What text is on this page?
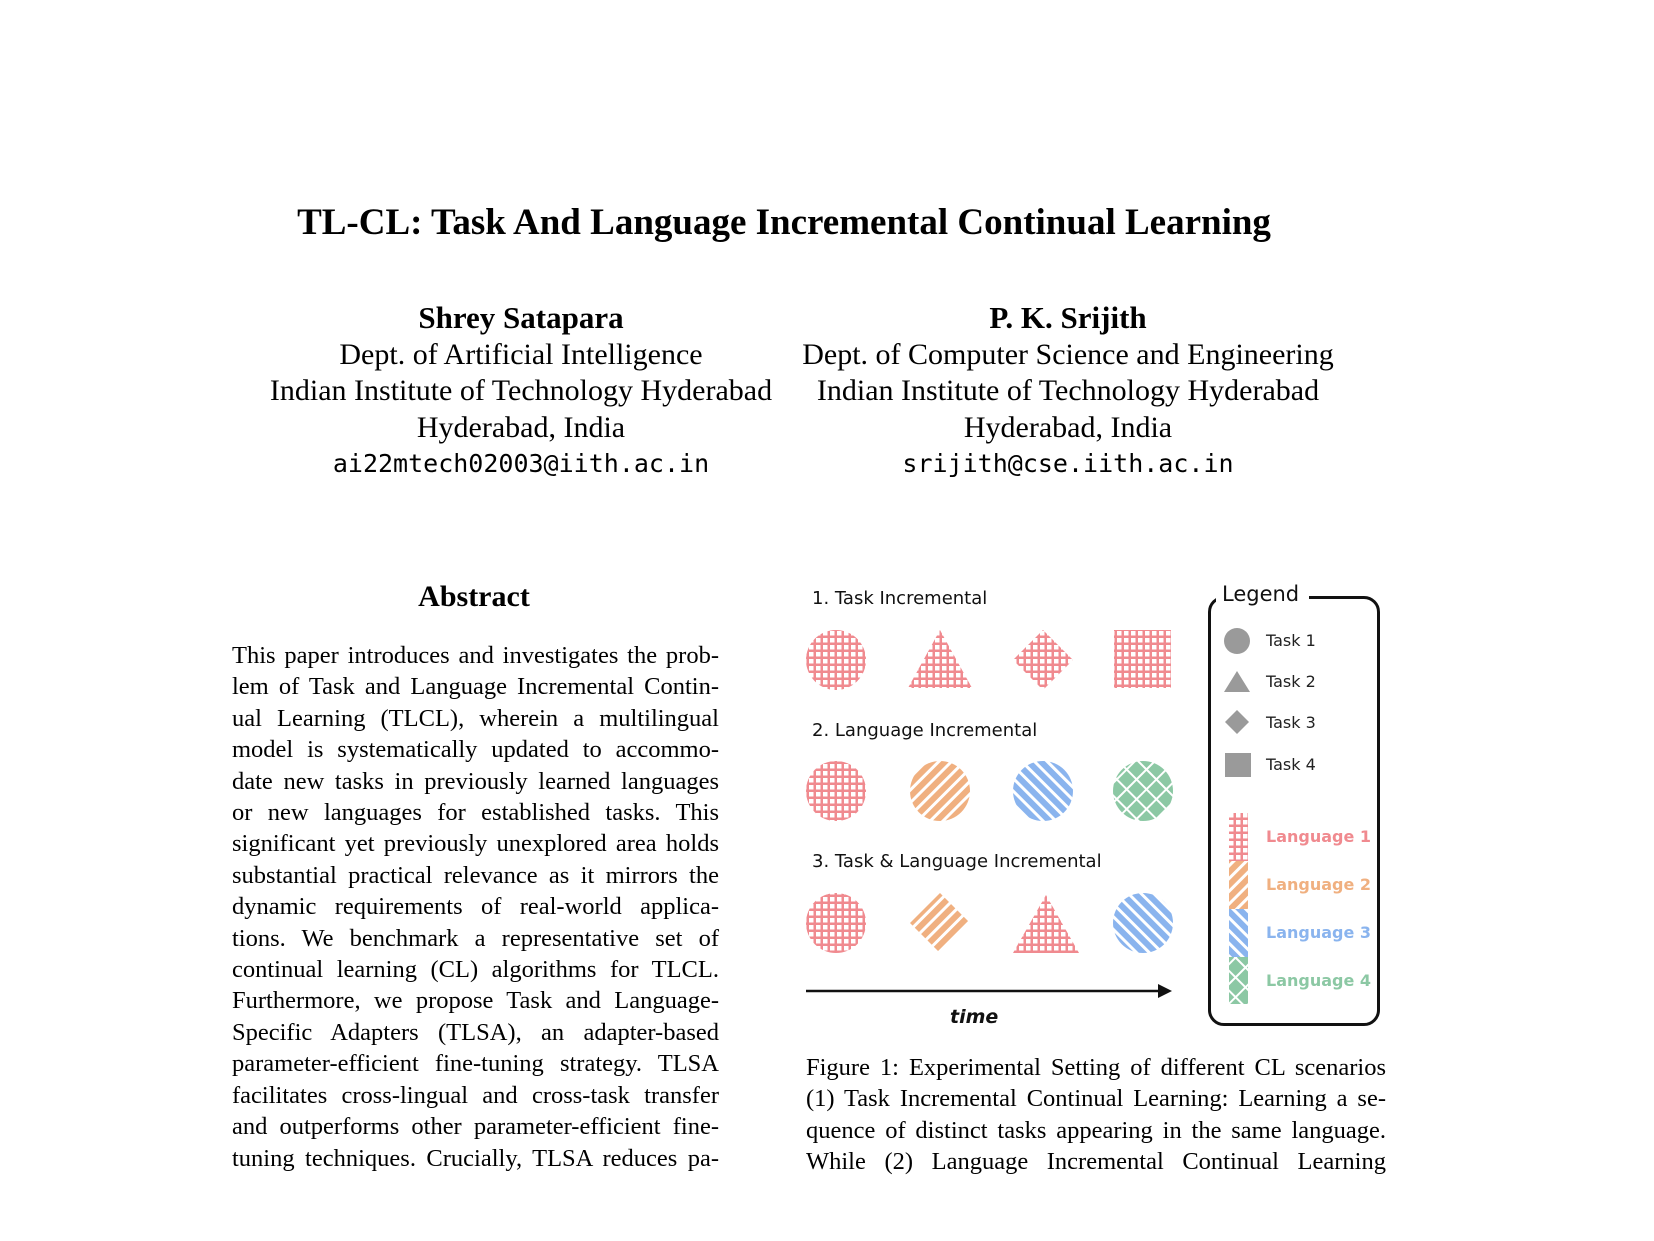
TL-CL: Task And Language Incremental Continual Learning
Shrey Satapara
Dept. of Artificial Intelligence
Indian Institute of Technology Hyderabad
Hyderabad, India
ai22mtech02003@iith.ac.in
P. K. Srijith
Dept. of Computer Science and Engineering
Indian Institute of Technology Hyderabad
Hyderabad, India
srijith@cse.iith.ac.in
Abstract
This paper introduces and investigates the prob-
lem of Task and Language Incremental Contin-
ual Learning (TLCL), wherein a multilingual
model is systematically updated to accommo-
date new tasks in previously learned languages
or new languages for established tasks. This
significant yet previously unexplored area holds
substantial practical relevance as it mirrors the
dynamic requirements of real-world applica-
tions. We benchmark a representative set of
continual learning (CL) algorithms for TLCL.
Furthermore, we propose Task and Language-
Specific Adapters (TLSA), an adapter-based
parameter-efficient fine-tuning strategy. TLSA
facilitates cross-lingual and cross-task transfer
and outperforms other parameter-efficient fine-
tuning techniques. Crucially, TLSA reduces pa-
1. Task Incremental
2. Language Incremental
3. Task & Language Incremental
time
Legend
Task 1
Task 2
Task 3
Task 4
Language 1
Language 2
Language 3
Language 4
Figure 1: Experimental Setting of different CL scenarios
(1) Task Incremental Continual Learning: Learning a se-
quence of distinct tasks appearing in the same language.
While (2) Language Incremental Continual Learning
